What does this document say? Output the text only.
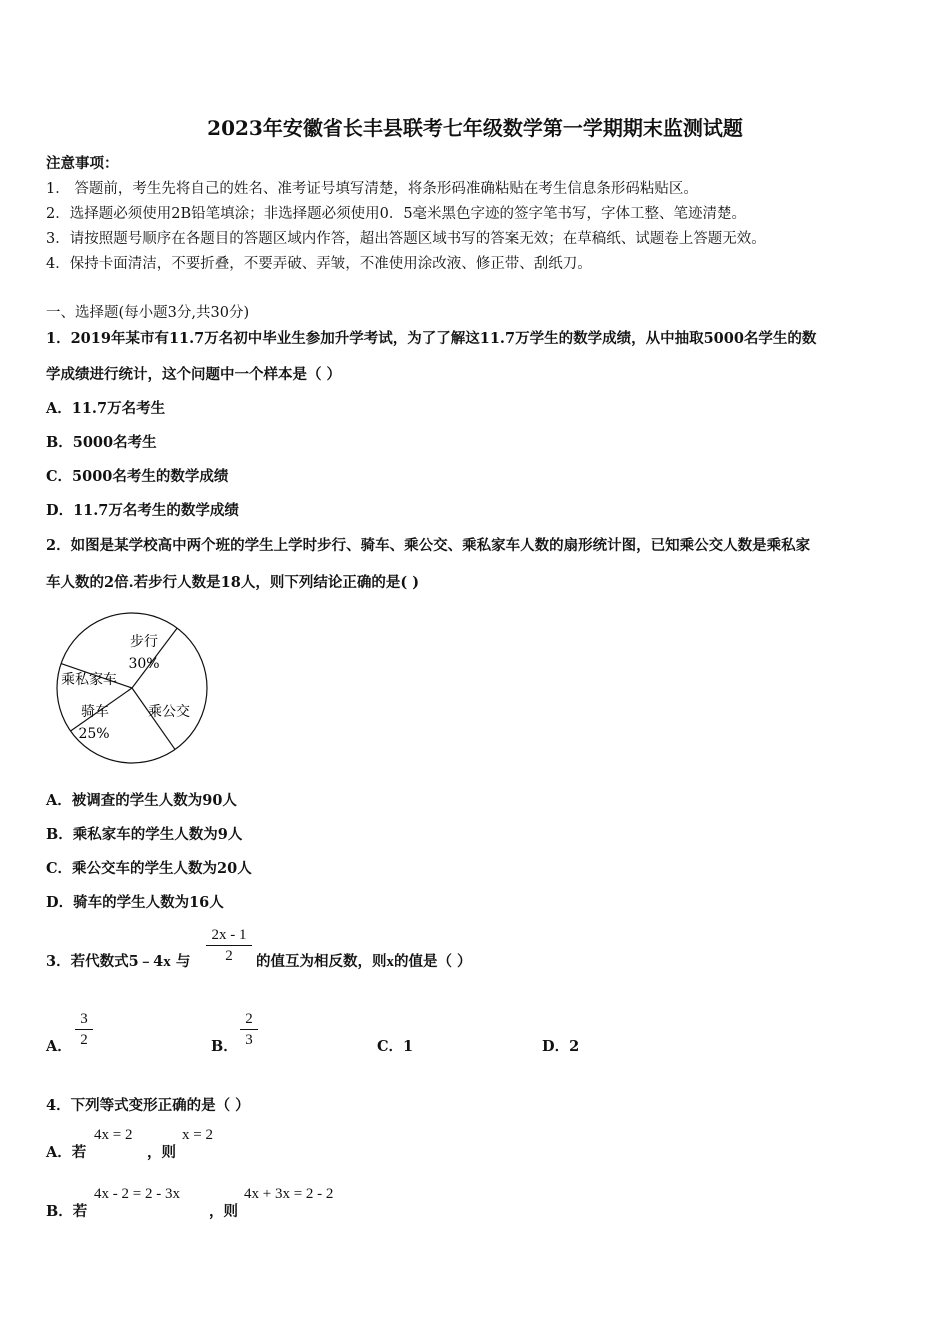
2023年安徽省长丰县联考七年级数学第一学期期末监测试题
注意事项：
1． 答题前，考生先将自己的姓名、准考证号填写清楚，将条形码准确粘贴在考生信息条形码粘贴区。
2．选择题必须使用2B铅笔填涂；非选择题必须使用0．5毫米黑色字迹的签字笔书写，字体工整、笔迹清楚。
3．请按照题号顺序在各题目的答题区域内作答，超出答题区域书写的答案无效；在草稿纸、试题卷上答题无效。
4．保持卡面清洁，不要折叠，不要弄破、弄皱，不准使用涂改液、修正带、刮纸刀。
一、选择题(每小题3分,共30分)
1．2019年某市有11.7万名初中毕业生参加升学考试，为了了解这11.7万学生的数学成绩，从中抽取5000名学生的数
学成绩进行统计，这个问题中一个样本是（ ）
A．11.7万名考生
B．5000名考生
C．5000名考生的数学成绩
D．11.7万名考生的数学成绩
2．如图是某学校高中两个班的学生上学时步行、骑车、乘公交、乘私家车人数的扇形统计图，已知乘公交人数是乘私家
车人数的2倍.若步行人数是18人，则下列结论正确的是( )
步行
30%
乘私家车
骑车
25%
乘公交
A．被调查的学生人数为90人
B．乘私家车的学生人数为9人
C．乘公交车的学生人数为20人
D．骑车的学生人数为16人
3．若代数式5﹣4x 与
2x - 1
2	的值互为相反数，则x的值是（ ）
A．
3
2	B．
2
3	C．1	D．2
4．下列等式变形正确的是（ ）
A．若
4x = 2
，则
x = 2
B．若
4x - 2 = 2 - 3x
，则
4x + 3x = 2 - 2
